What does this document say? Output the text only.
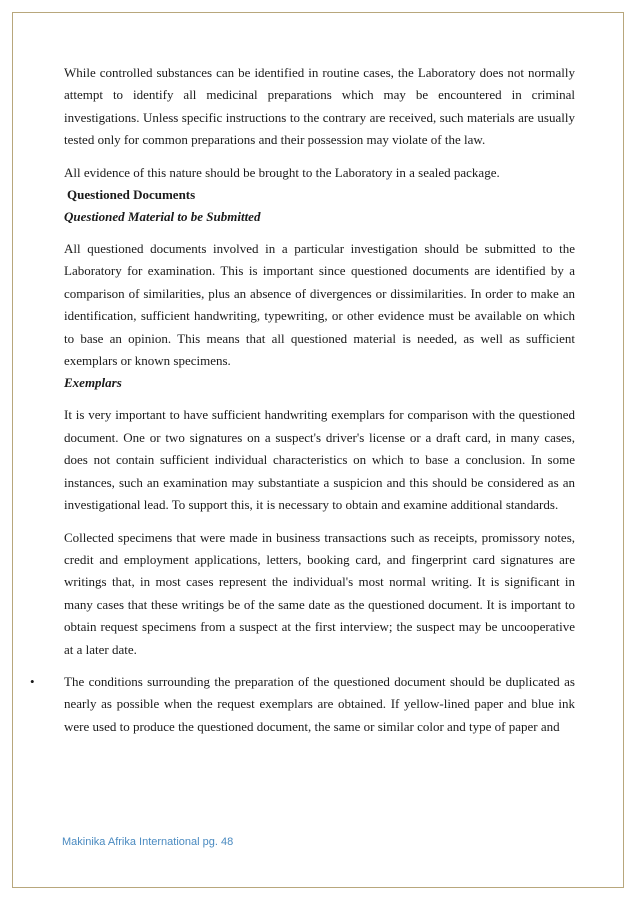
While controlled substances can be identified in routine cases, the Laboratory does not normally attempt to identify all medicinal preparations which may be encountered in criminal investigations. Unless specific instructions to the contrary are received, such materials are usually tested only for common preparations and their possession may violate of the law.

All evidence of this nature should be brought to the Laboratory in a sealed package.

Questioned Documents

Questioned Material to be Submitted

All questioned documents involved in a particular investigation should be submitted to the Laboratory for examination. This is important since questioned documents are identified by a comparison of similarities, plus an absence of divergences or dissimilarities. In order to make an identification, sufficient handwriting, typewriting, or other evidence must be available on which to base an opinion. This means that all questioned material is needed, as well as sufficient exemplars or known specimens.

Exemplars

It is very important to have sufficient handwriting exemplars for comparison with the questioned document. One or two signatures on a suspect's driver's license or a draft card, in many cases, does not contain sufficient individual characteristics on which to base a conclusion. In some instances, such an examination may substantiate a suspicion and this should be considered as an investigational lead. To support this, it is necessary to obtain and examine additional standards.

Collected specimens that were made in business transactions such as receipts, promissory notes, credit and employment applications, letters, booking card, and fingerprint card signatures are writings that, in most cases represent the individual's most normal writing. It is significant in many cases that these writings be of the same date as the questioned document. It is important to obtain request specimens from a suspect at the first interview; the suspect may be uncooperative at a later date.

• The conditions surrounding the preparation of the questioned document should be duplicated as nearly as possible when the request exemplars are obtained. If yellow-lined paper and blue ink were used to produce the questioned document, the same or similar color and type of paper and

Makinika Afrika International pg. 48
